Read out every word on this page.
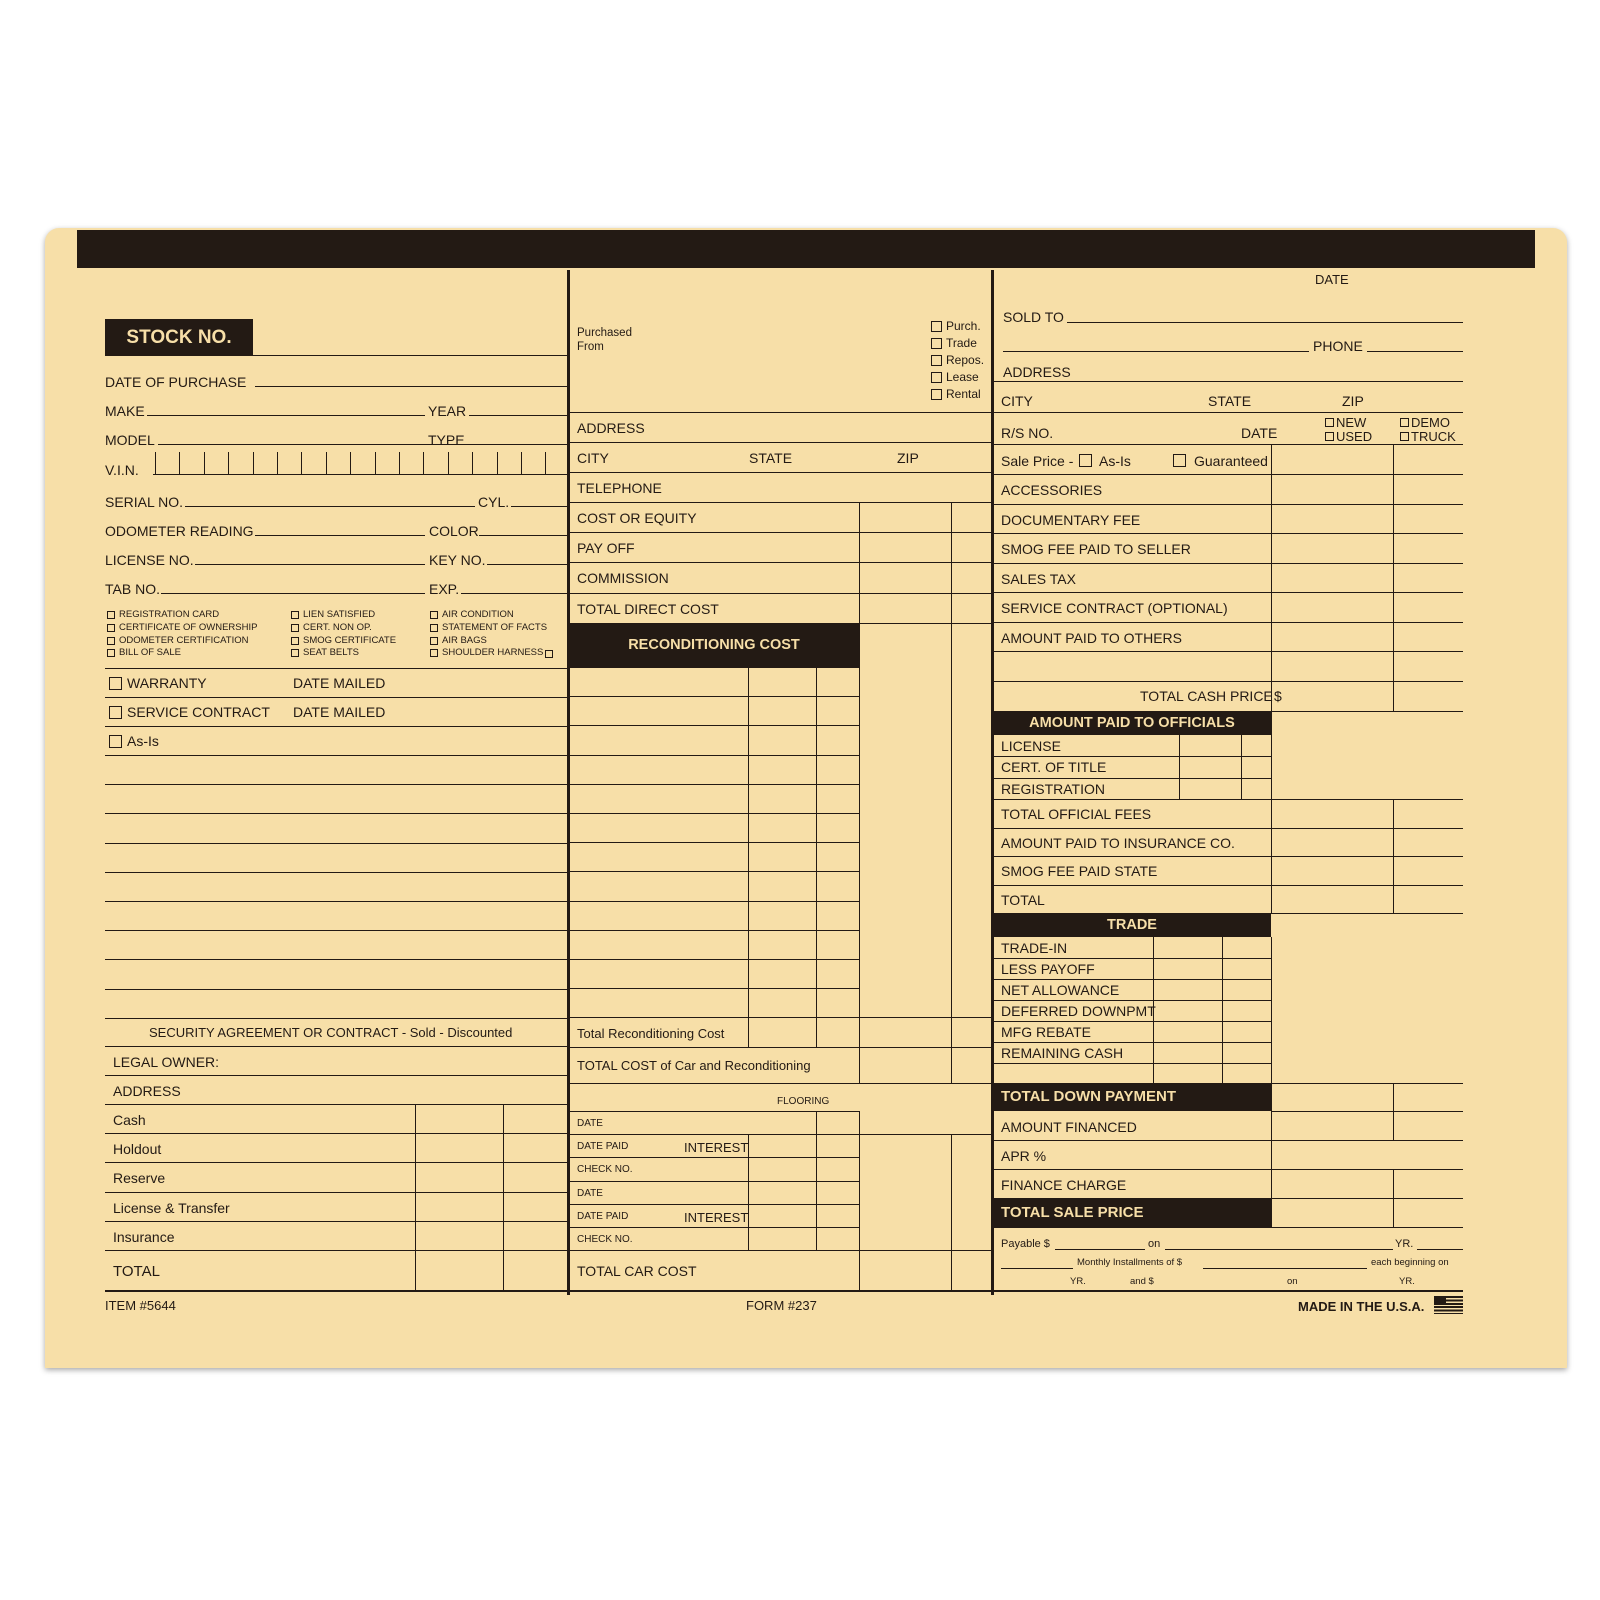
STOCK NO.
DATE OF PURCHASE
MAKE	YEAR
MODEL	TYPE
V.I.N.
SERIAL NO.	CYL.
ODOMETER READING	COLOR
LICENSE NO.	KEY NO.
TAB NO.	EXP.
REGISTRATION CARD
CERTIFICATE OF OWNERSHIP
ODOMETER CERTIFICATION
BILL OF SALE
LIEN SATISFIED
CERT. NON OP.
SMOG CERTIFICATE
SEAT BELTS
AIR CONDITION
STATEMENT OF FACTS
AIR BAGS
SHOULDER HARNESS
WARRANTY	DATE MAILED
SERVICE CONTRACT DATE MAILED
As-Is
SECURITY AGREEMENT OR CONTRACT - Sold - Discounted
LEGAL OWNER:
ADDRESS
Cash
Holdout
Reserve
License & Transfer
Insurance
TOTAL
ITEM #5644
Purchased
From
Purch.
Trade
Repos.
Lease
Rental
ADDRESS
CITY	STATE	ZIP
TELEPHONE
COST OR EQUITY
PAY OFF
COMMISSION
TOTAL DIRECT COST
RECONDITIONING COST
Total Reconditioning Cost
TOTAL COST of Car and Reconditioning
FLOORING
DATE
DATE PAID	INTEREST
CHECK NO.
DATE
DATE PAID	INTEREST
CHECK NO.
TOTAL CAR COST
FORM #237
DATE
SOLD TO
PHONE
ADDRESS
CITY	STATE	ZIP
R/S NO.	DATE
NEW
USED
DEMO
TRUCK
Sale Price - As-Is	Guaranteed
ACCESSORIES
DOCUMENTARY FEE
SMOG FEE PAID TO SELLER
SALES TAX
SERVICE CONTRACT (OPTIONAL)
AMOUNT PAID TO OTHERS
TOTAL CASH PRICE $
AMOUNT PAID TO OFFICIALS
LICENSE
CERT. OF TITLE
REGISTRATION
TOTAL OFFICIAL FEES
AMOUNT PAID TO INSURANCE CO.
SMOG FEE PAID STATE
TOTAL
TRADE
TRADE-IN
LESS PAYOFF
NET ALLOWANCE
DEFERRED DOWNPMT
MFG REBATE
REMAINING CASH
TOTAL DOWN PAYMENT
AMOUNT FINANCED
APR %
FINANCE CHARGE
TOTAL SALE PRICE
Payable $	on	YR.
Monthly Installments of $	each beginning on
YR.	and $	on	YR.
MADE IN THE U.S.A.
